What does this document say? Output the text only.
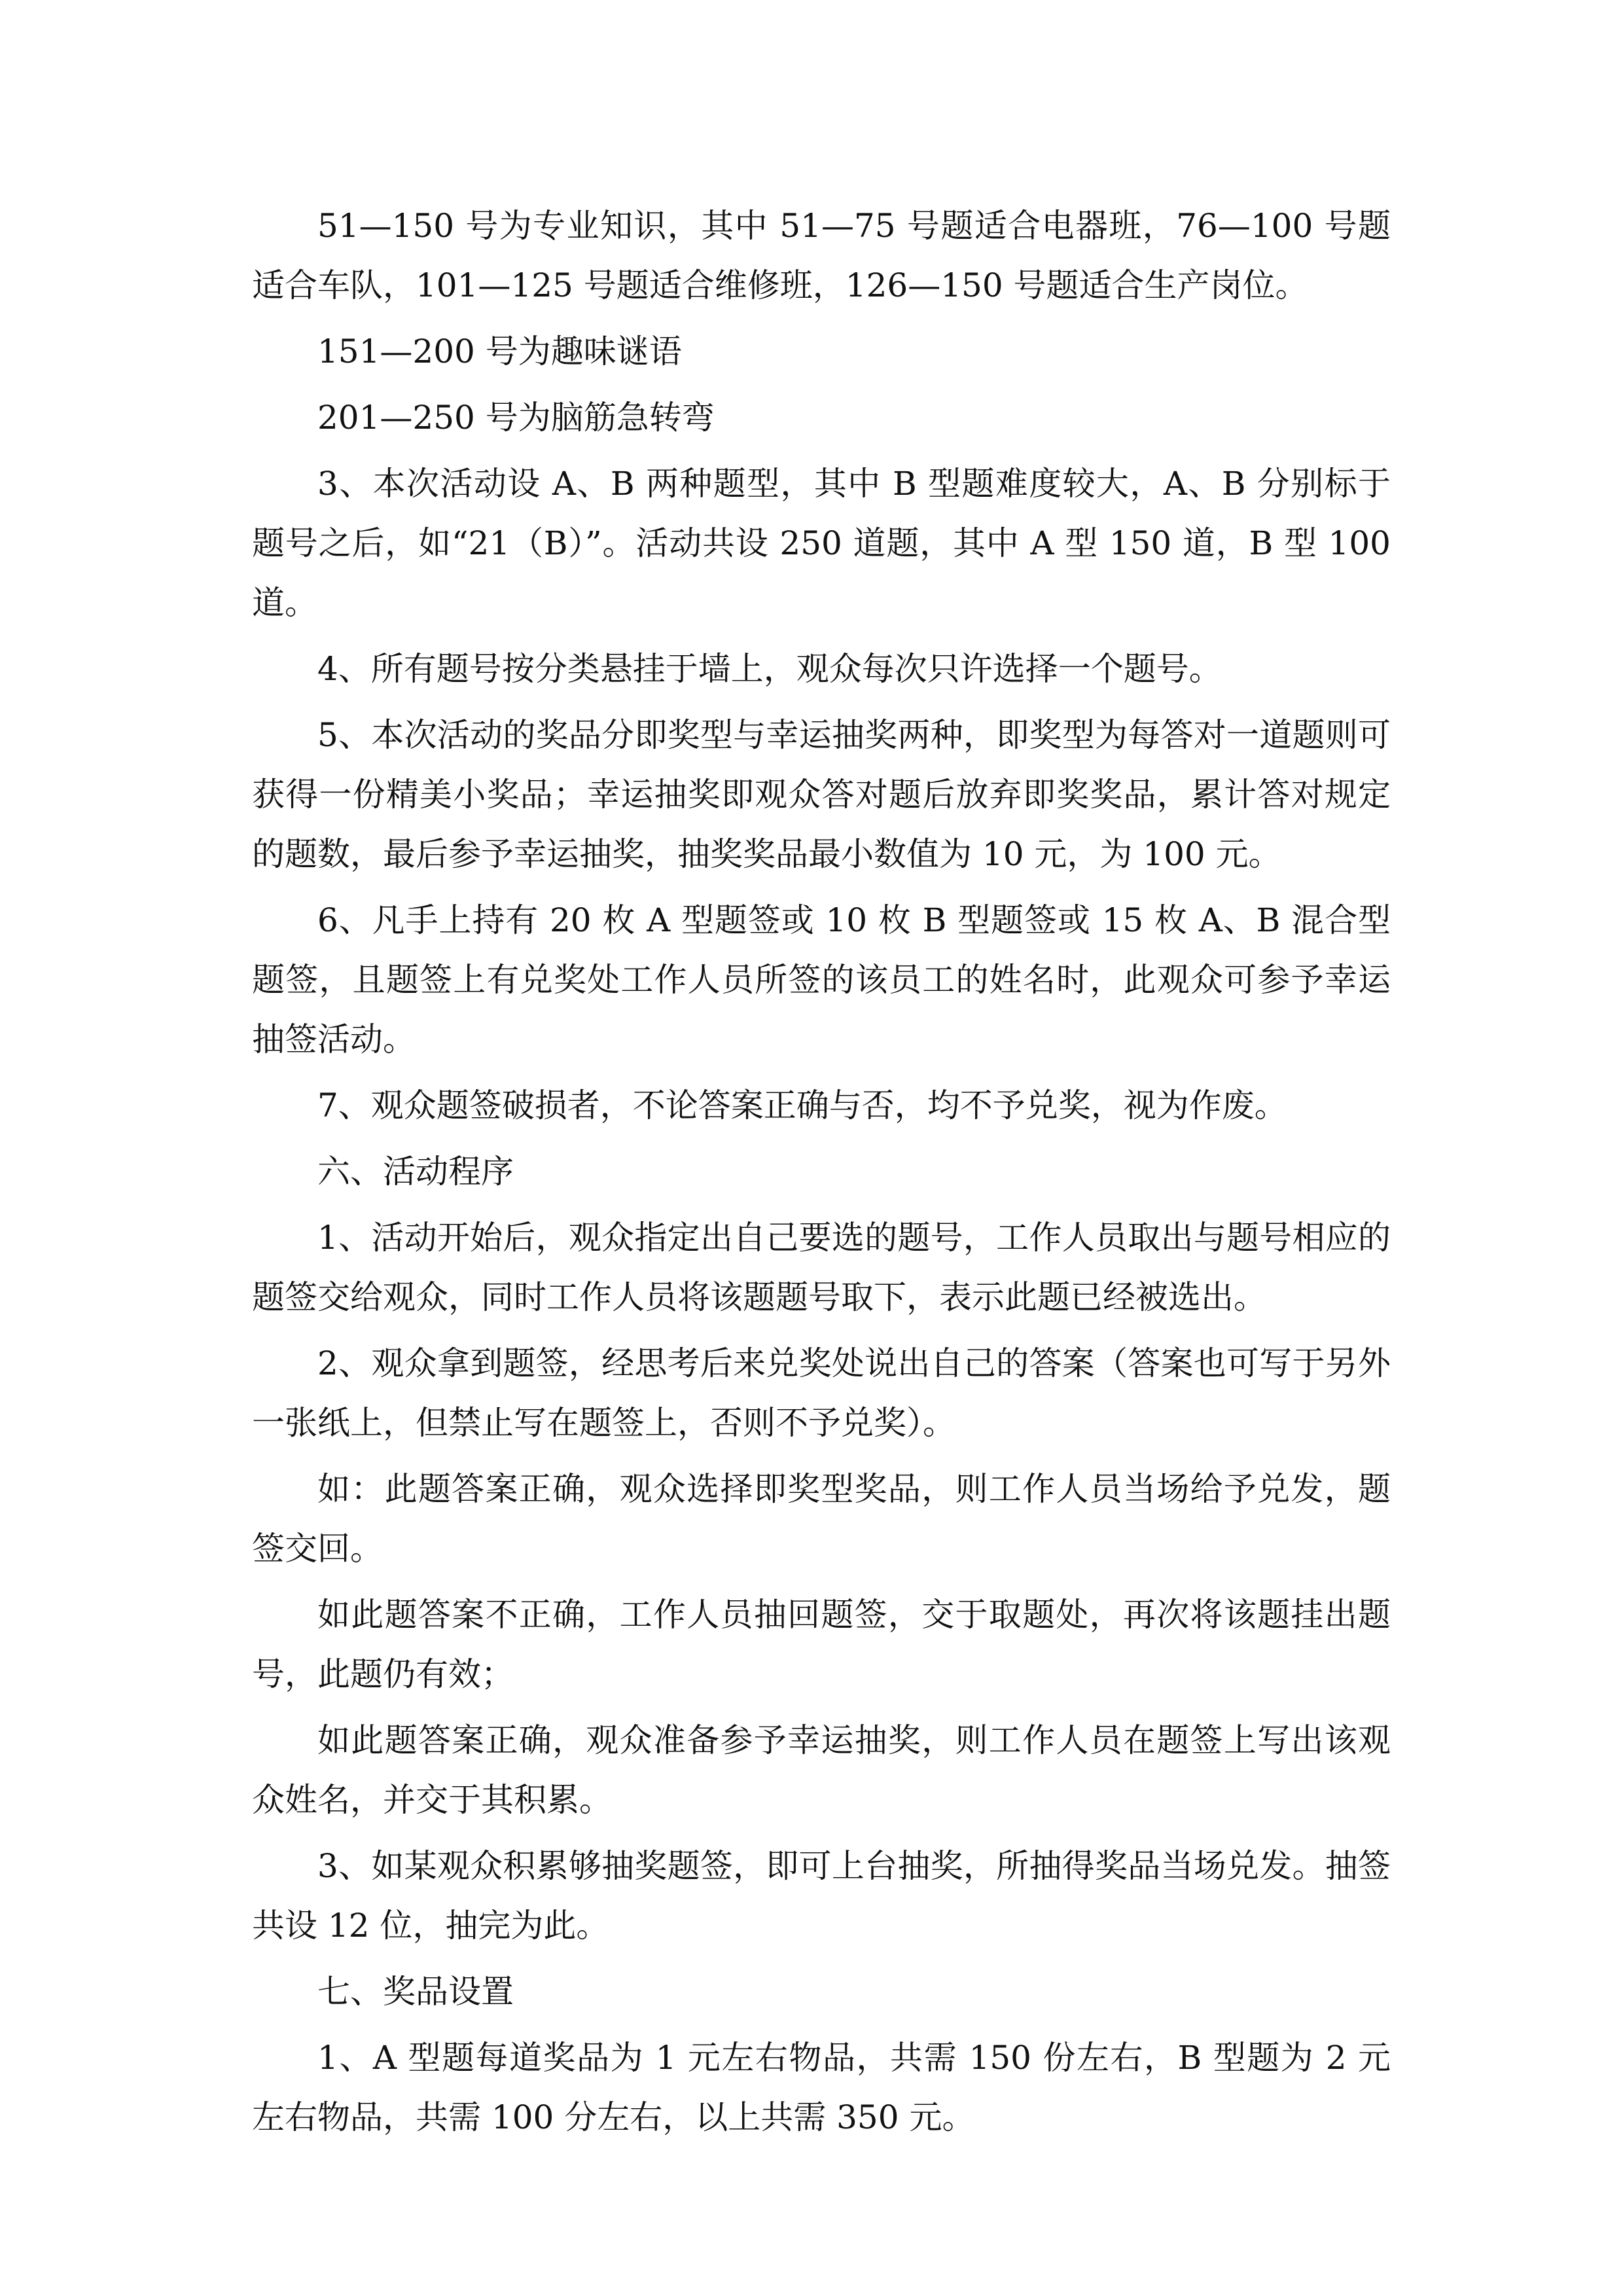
51—150 号为专业知识，其中 51—75 号题适合电器班，76—100 号题适合车队，101—125 号题适合维修班，126—150 号题适合生产岗位。

151—200 号为趣味谜语

201—250 号为脑筋急转弯

3、本次活动设 A、B 两种题型，其中 B 型题难度较大，A、B 分别标于题号之后，如“21（B）”。活动共设 250 道题，其中 A 型 150 道，B 型 100 道。

4、所有题号按分类悬挂于墙上，观众每次只许选择一个题号。

5、本次活动的奖品分即奖型与幸运抽奖两种，即奖型为每答对一道题则可获得一份精美小奖品；幸运抽奖即观众答对题后放弃即奖奖品，累计答对规定的题数，最后参予幸运抽奖，抽奖奖品最小数值为 10 元，为 100 元。

6、凡手上持有 20 枚 A 型题签或 10 枚 B 型题签或 15 枚 A、B 混合型题签，且题签上有兑奖处工作人员所签的该员工的姓名时，此观众可参予幸运抽签活动。

7、观众题签破损者，不论答案正确与否，均不予兑奖，视为作废。

六、活动程序

1、活动开始后，观众指定出自己要选的题号，工作人员取出与题号相应的题签交给观众，同时工作人员将该题题号取下，表示此题已经被选出。

2、观众拿到题签，经思考后来兑奖处说出自己的答案（答案也可写于另外一张纸上，但禁止写在题签上，否则不予兑奖）。

如：此题答案正确，观众选择即奖型奖品，则工作人员当场给予兑发，题签交回。

如此题答案不正确，工作人员抽回题签，交于取题处，再次将该题挂出题号，此题仍有效；

如此题答案正确，观众准备参予幸运抽奖，则工作人员在题签上写出该观众姓名，并交于其积累。

3、如某观众积累够抽奖题签，即可上台抽奖，所抽得奖品当场兑发。抽签共设 12 位，抽完为此。

七、奖品设置

1、A 型题每道奖品为 1 元左右物品，共需 150 份左右，B 型题为 2 元左右物品，共需 100 分左右，以上共需 350 元。
